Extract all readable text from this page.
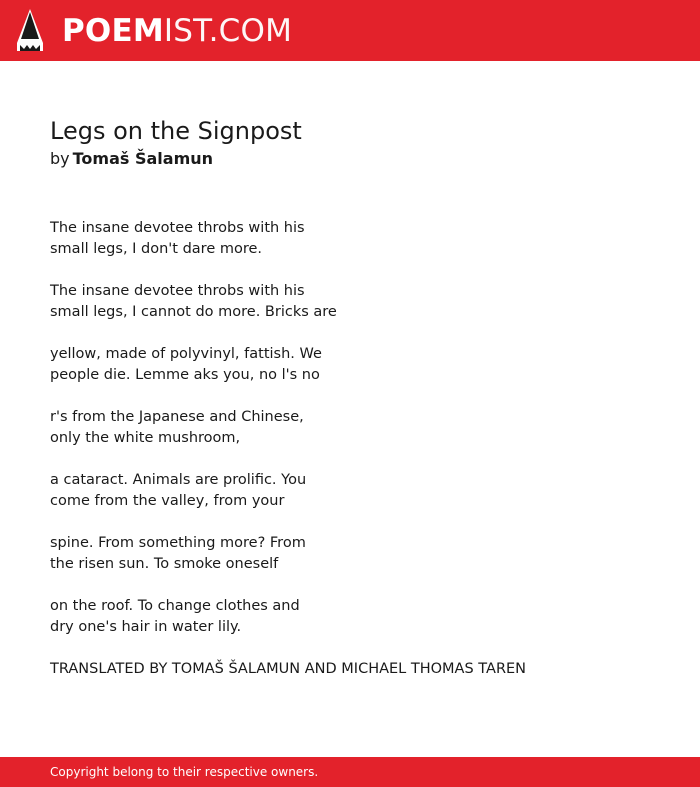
POEMIST.COM
Legs on the Signpost
by Tomaš Šalamun
The insane devotee throbs with his
small legs, I don't dare more.
The insane devotee throbs with his
small legs, I cannot do more. Bricks are
yellow, made of polyvinyl, fattish. We
people die. Lemme aks you, no l's no
r's from the Japanese and Chinese,
only the white mushroom,
a cataract. Animals are prolific. You
come from the valley, from your
spine. From something more? From
the risen sun. To smoke oneself
on the roof. To change clothes and
dry one's hair in water lily.
TRANSLATED BY TOMAŠ ŠALAMUN AND MICHAEL THOMAS TAREN
Copyright belong to their respective owners.
